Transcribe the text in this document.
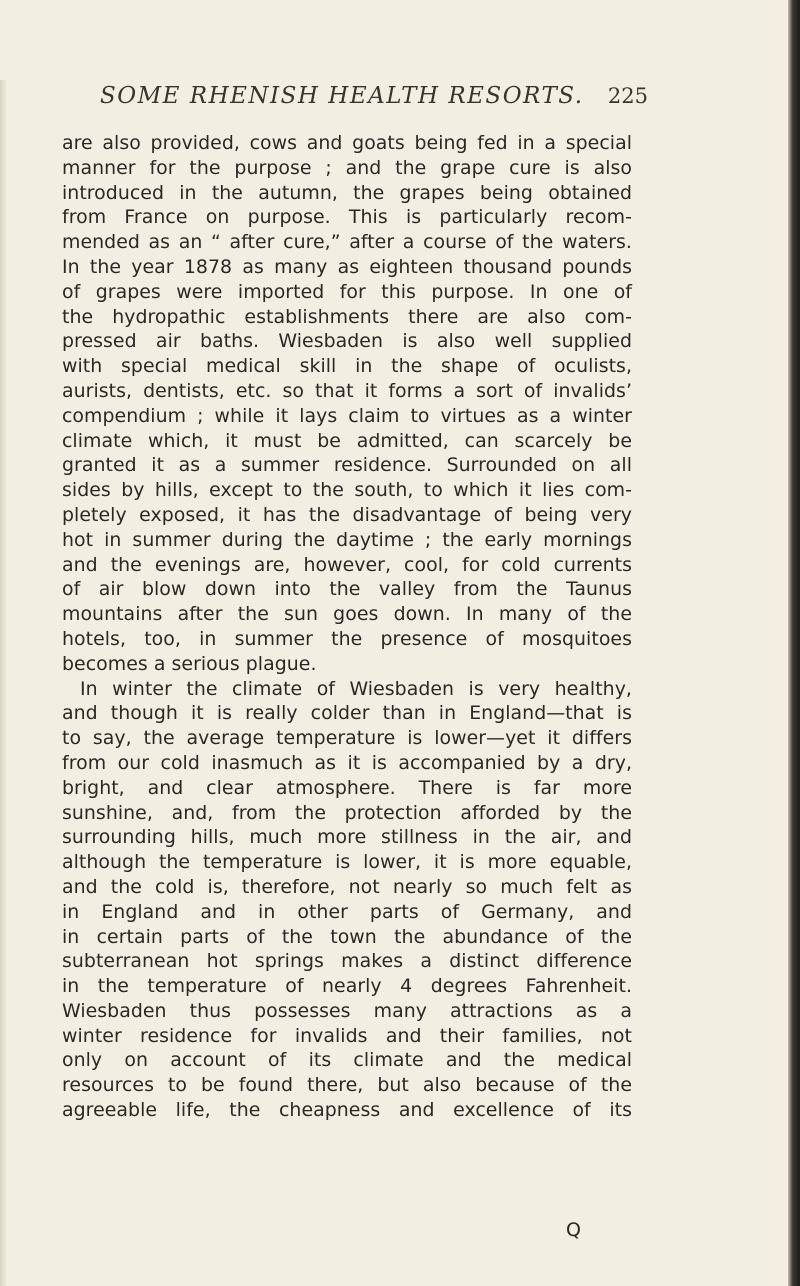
SOME RHENISH HEALTH RESORTS. 225
are also provided, cows and goats being fed in a special
manner for the purpose ; and the grape cure is also
introduced in the autumn, the grapes being obtained
from France on purpose. This is particularly recom-
mended as an “ after cure,” after a course of the waters.
In the year 1878 as many as eighteen thousand pounds
of grapes were imported for this purpose. In one of
the hydropathic establishments there are also com-
pressed air baths. Wiesbaden is also well supplied
with special medical skill in the shape of oculists,
aurists, dentists, etc. so that it forms a sort of invalids’
compendium ; while it lays claim to virtues as a winter
climate which, it must be admitted, can scarcely be
granted it as a summer residence. Surrounded on all
sides by hills, except to the south, to which it lies com-
pletely exposed, it has the disadvantage of being very
hot in summer during the daytime ; the early mornings
and the evenings are, however, cool, for cold currents
of air blow down into the valley from the Taunus
mountains after the sun goes down. In many of the
hotels, too, in summer the presence of mosquitoes
becomes a serious plague.
In winter the climate of Wiesbaden is very healthy,
and though it is really colder than in England—that is
to say, the average temperature is lower—yet it differs
from our cold inasmuch as it is accompanied by a dry,
bright, and clear atmosphere. There is far more
sunshine, and, from the protection afforded by the
surrounding hills, much more stillness in the air, and
although the temperature is lower, it is more equable,
and the cold is, therefore, not nearly so much felt as
in England and in other parts of Germany, and
in certain parts of the town the abundance of the
subterranean hot springs makes a distinct difference
in the temperature of nearly 4 degrees Fahrenheit.
Wiesbaden thus possesses many attractions as a
winter residence for invalids and their families, not
only on account of its climate and the medical
resources to be found there, but also because of the
agreeable life, the cheapness and excellence of its
Q
